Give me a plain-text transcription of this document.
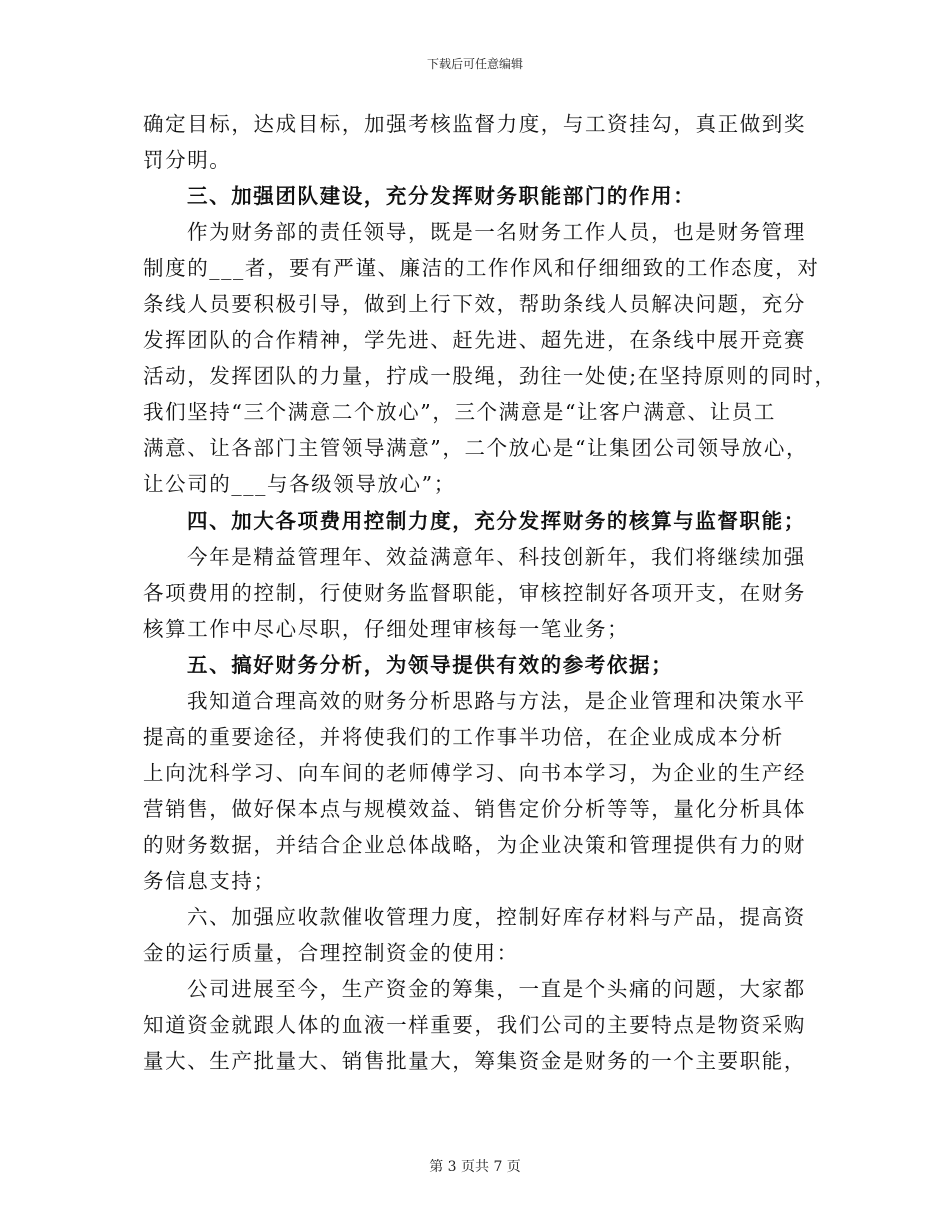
下载后可任意编辑
确定目标，达成目标，加强考核监督力度，与工资挂勾，真正做到奖
罚分明。
三、加强团队建设，充分发挥财务职能部门的作用：
作为财务部的责任领导，既是一名财务工作人员，也是财务管理
制度的___者，要有严谨、廉洁的工作作风和仔细细致的工作态度，对
条线人员要积极引导，做到上行下效，帮助条线人员解决问题，充分
发挥团队的合作精神，学先进、赶先进、超先进，在条线中展开竞赛
活动，发挥团队的力量，拧成一股绳，劲往一处使;在坚持原则的同时，
我们坚持“三个满意二个放心”，三个满意是“让客户满意、让员工
满意、让各部门主管领导满意”，二个放心是“让集团公司领导放心，
让公司的___与各级领导放心”；
四、加大各项费用控制力度，充分发挥财务的核算与监督职能；
今年是精益管理年、效益满意年、科技创新年，我们将继续加强
各项费用的控制，行使财务监督职能，审核控制好各项开支，在财务
核算工作中尽心尽职，仔细处理审核每一笔业务；
五、搞好财务分析，为领导提供有效的参考依据；
我知道合理高效的财务分析思路与方法，是企业管理和决策水平
提高的重要途径，并将使我们的工作事半功倍，在企业成成本分析
上向沈科学习、向车间的老师傅学习、向书本学习，为企业的生产经
营销售，做好保本点与规模效益、销售定价分析等等，量化分析具体
的财务数据，并结合企业总体战略，为企业决策和管理提供有力的财
务信息支持；
六、加强应收款催收管理力度，控制好库存材料与产品，提高资
金的运行质量，合理控制资金的使用：
公司进展至今，生产资金的筹集，一直是个头痛的问题，大家都
知道资金就跟人体的血液一样重要，我们公司的主要特点是物资采购
量大、生产批量大、销售批量大，筹集资金是财务的一个主要职能，
第 3 页共 7 页
